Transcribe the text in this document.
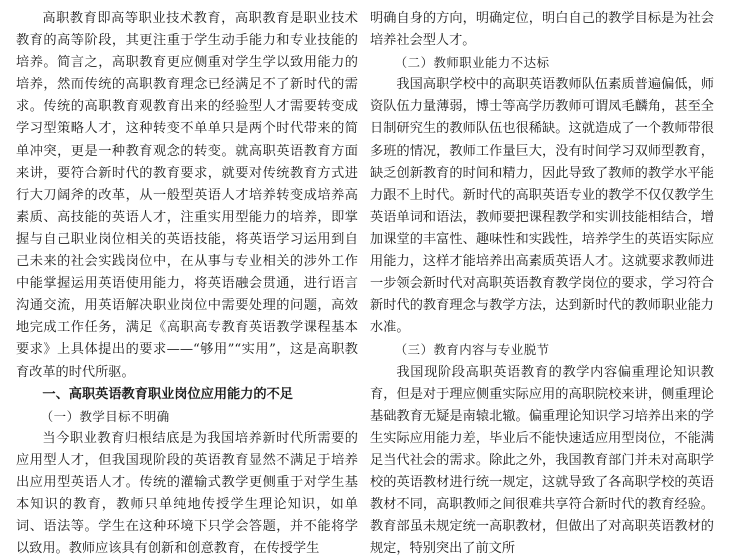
高职教育即高等职业技术教育，高职教育是职业技术教育的高等阶段，其更注重于学生动手能力和专业技能的培养。简言之，高职教育更应侧重对学生学以致用能力的培养，然而传统的高职教育理念已经满足不了新时代的需求。传统的高职教育观教育出来的经验型人才需要转变成学习型策略人才，这种转变不单单只是两个时代带来的简单冲突，更是一种教育观念的转变。就高职英语教育方面来讲，要符合新时代的教育要求，就要对传统教育方式进行大刀阔斧的改革，从一般型英语人才培养转变成培养高素质、高技能的英语人才，注重实用型能力的培养，即掌握与自己职业岗位相关的英语技能，将英语学习运用到自己未来的社会实践岗位中，在从事与专业相关的涉外工作中能掌握运用英语使用能力，将英语融会贯通，进行语言沟通交流，用英语解决职业岗位中需要处理的问题，高效地完成工作任务，满足《高职高专教育英语教学课程基本要求》上具体提出的要求——“够用”“实用”，这是高职教育改革的时代所驱。

一、高职英语教育职业岗位应用能力的不足
（一）教学目标不明确

当今职业教育归根结底是为我国培养新时代所需要的应用型人才，但我国现阶段的英语教育显然不满足于培养出应用型英语人才。传统的灌输式教学更侧重于对学生基本知识的教育，教师只单纯地传授学生理论知识，如单词、语法等。学生在这种环境下只学会答题，并不能将学以致用。教师应该具有创新和创意教育，在传授学生

明确自身的方向，明确定位，明白自己的教学目标是为社会培养社会型人才。

（二）教师职业能力不达标

我国高职学校中的高职英语教师队伍素质普遍偏低，师资队伍力量薄弱，博士等高学历教师可谓凤毛麟角，甚至全日制研究生的教师队伍也很稀缺。这就造成了一个教师带很多班的情况，教师工作量巨大，没有时间学习双师型教育，缺乏创新教育的时间和精力，因此导致了教师的教学水平能力跟不上时代。新时代的高职英语专业的教学不仅仅教学生英语单词和语法，教师要把课程教学和实训技能相结合，增加课堂的丰富性、趣味性和实践性，培养学生的英语实际应用能力，这样才能培养出高素质英语人才。这就要求教师进一步领会新时代对高职英语教育教学岗位的要求，学习符合新时代的教育理念与教学方法，达到新时代的教师职业能力水准。

（三）教育内容与专业脱节

我国现阶段高职英语教育的教学内容偏重理论知识教育，但是对于理应侧重实际应用的高职院校来讲，侧重理论基础教育无疑是南辕北辙。偏重理论知识学习培养出来的学生实际应用能力差，毕业后不能快速适应用型岗位，不能满足当代社会的需求。除此之外，我国教育部门并未对高职学校的英语教材进行统一规定，这就导致了各高职学校的英语教材不同，高职教师之间很难共享符合新时代的教育经验。教育部虽未规定统一高职教材，但做出了对高职英语教材的规定，特别突出了前文所
